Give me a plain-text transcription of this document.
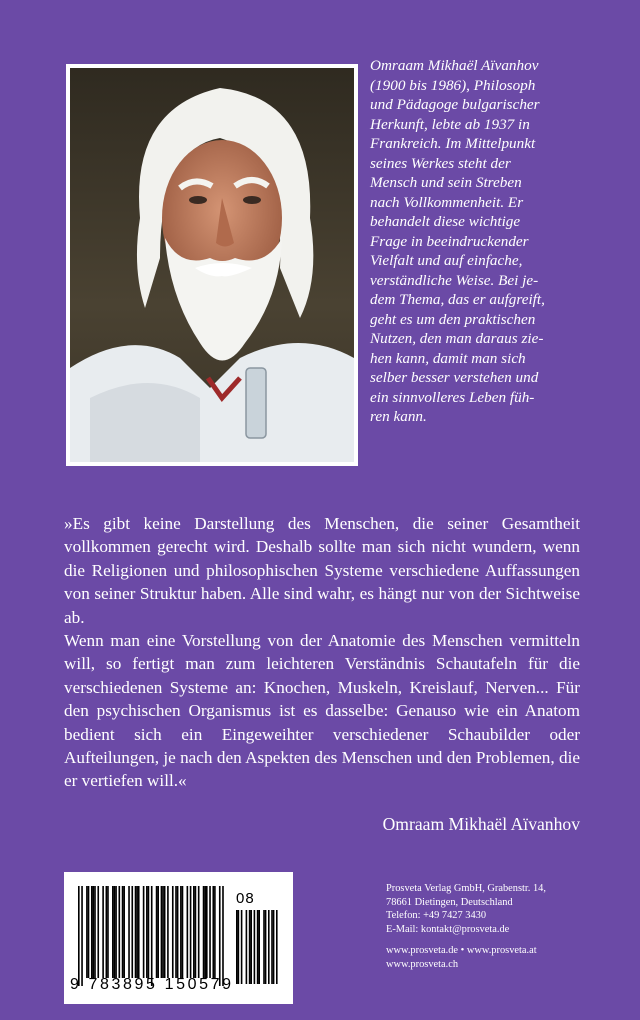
Omraam Mikhaël Aïvanhov
(1900 bis 1986), Philosoph
und Pädagoge bulgarischer
Herkunft, lebte ab 1937 in
Frankreich. Im Mittelpunkt
seines Werkes steht der
Mensch und sein Streben
nach Vollkommenheit. Er
behandelt diese wichtige
Frage in beeindruckender
Vielfalt und auf einfache,
verständliche Weise. Bei je-
dem Thema, das er aufgreift,
geht es um den praktischen
Nutzen, den man daraus zie-
hen kann, damit man sich
selber besser verstehen und
ein sinnvolleres Leben füh-
ren kann.

»Es gibt keine Darstellung des Menschen, die seiner Gesamtheit vollkommen gerecht wird. Deshalb sollte man sich nicht wundern, wenn die Religionen und philosophischen Systeme verschiedene Auffassungen von seiner Struktur haben. Alle sind wahr, es hängt nur von der Sichtweise ab.

Wenn man eine Vorstellung von der Anatomie des Menschen vermitteln will, so fertigt man zum leichteren Verständnis Schautafeln für die verschiedenen Systeme an: Knochen, Muskeln, Kreislauf, Nerven... Für den psychischen Organismus ist es dasselbe: Genauso wie ein Anatom bedient sich ein Eingeweihter verschiedener Schaubilder oder Aufteilungen, je nach den Aspekten des Menschen und den Problemen, die er vertiefen will.«

Omraam Mikhaël Aïvanhov

08
9 783895 150579
Prosveta Verlag GmbH, Grabenstr. 14,
78661 Dietingen, Deutschland
Telefon: +49 7427 3430
E-Mail: kontakt@prosveta.de
www.prosveta.de • www.prosveta.at
www.prosveta.ch
